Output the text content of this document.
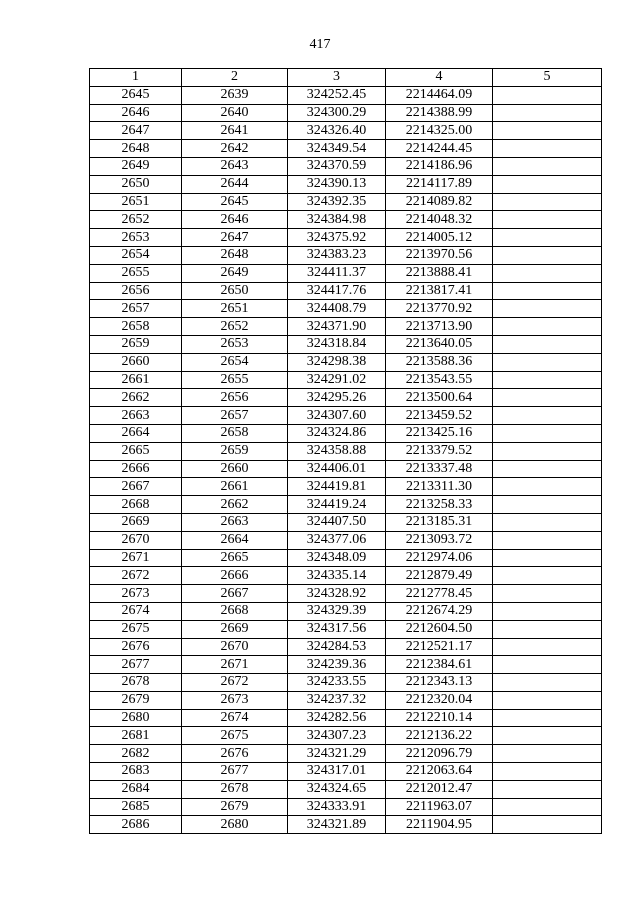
417
1	2	3	4	5
2645	2639	324252.45	2214464.09	
2646	2640	324300.29	2214388.99	
2647	2641	324326.40	2214325.00	
2648	2642	324349.54	2214244.45	
2649	2643	324370.59	2214186.96	
2650	2644	324390.13	2214117.89	
2651	2645	324392.35	2214089.82	
2652	2646	324384.98	2214048.32	
2653	2647	324375.92	2214005.12	
2654	2648	324383.23	2213970.56	
2655	2649	324411.37	2213888.41	
2656	2650	324417.76	2213817.41	
2657	2651	324408.79	2213770.92	
2658	2652	324371.90	2213713.90	
2659	2653	324318.84	2213640.05	
2660	2654	324298.38	2213588.36	
2661	2655	324291.02	2213543.55	
2662	2656	324295.26	2213500.64	
2663	2657	324307.60	2213459.52	
2664	2658	324324.86	2213425.16	
2665	2659	324358.88	2213379.52	
2666	2660	324406.01	2213337.48	
2667	2661	324419.81	2213311.30	
2668	2662	324419.24	2213258.33	
2669	2663	324407.50	2213185.31	
2670	2664	324377.06	2213093.72	
2671	2665	324348.09	2212974.06	
2672	2666	324335.14	2212879.49	
2673	2667	324328.92	2212778.45	
2674	2668	324329.39	2212674.29	
2675	2669	324317.56	2212604.50	
2676	2670	324284.53	2212521.17	
2677	2671	324239.36	2212384.61	
2678	2672	324233.55	2212343.13	
2679	2673	324237.32	2212320.04	
2680	2674	324282.56	2212210.14	
2681	2675	324307.23	2212136.22	
2682	2676	324321.29	2212096.79	
2683	2677	324317.01	2212063.64	
2684	2678	324324.65	2212012.47	
2685	2679	324333.91	2211963.07	
2686	2680	324321.89	2211904.95	
